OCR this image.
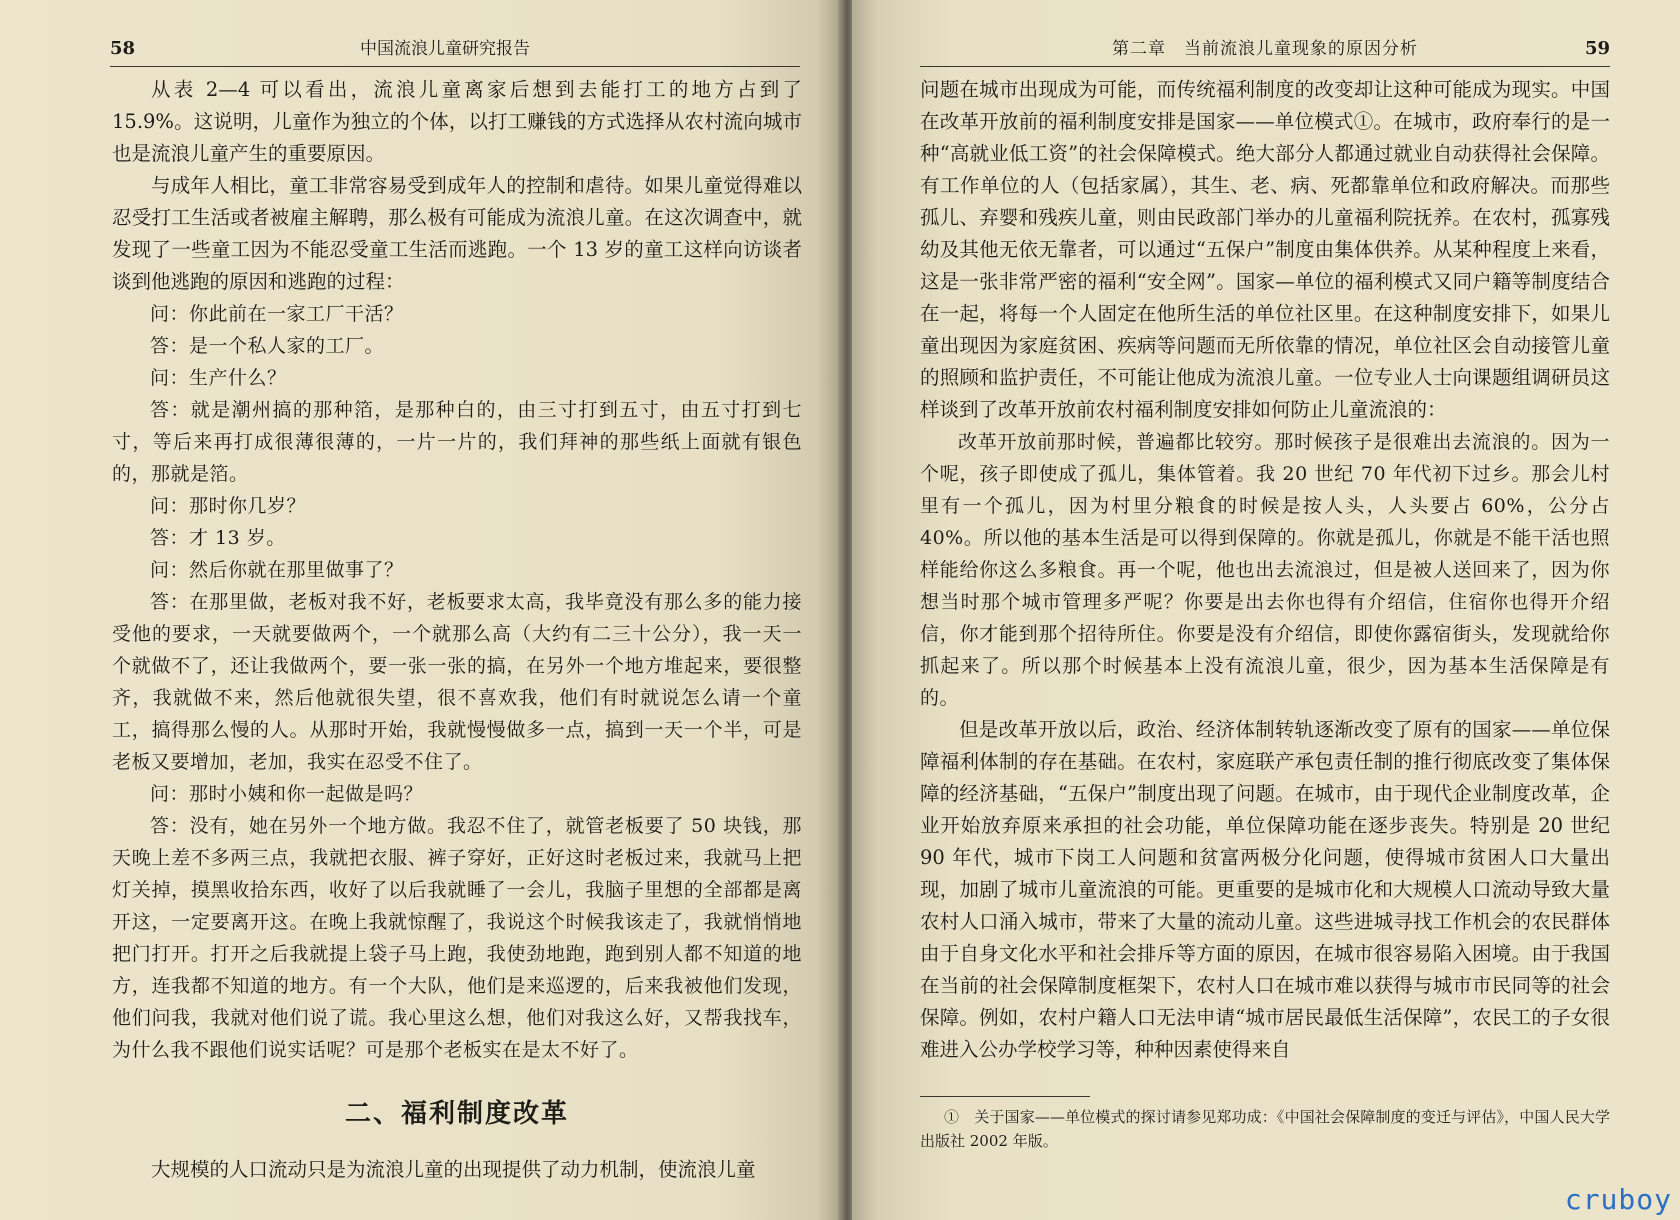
58	中国流浪儿童研究报告

从表 2—4 可以看出，流浪儿童离家后想到去能打工的地方占到了 15.9%。这说明，儿童作为独立的个体，以打工赚钱的方式选择从农村流向城市也是流浪儿童产生的重要原因。

与成年人相比，童工非常容易受到成年人的控制和虐待。如果儿童觉得难以忍受打工生活或者被雇主解聘，那么极有可能成为流浪儿童。在这次调查中，就发现了一些童工因为不能忍受童工生活而逃跑。一个 13 岁的童工这样向访谈者谈到他逃跑的原因和逃跑的过程：

问：你此前在一家工厂干活？

答：是一个私人家的工厂。

问：生产什么？

答：就是潮州搞的那种箔，是那种白的，由三寸打到五寸，由五寸打到七寸，等后来再打成很薄很薄的，一片一片的，我们拜神的那些纸上面就有银色的，那就是箔。

问：那时你几岁？

答：才 13 岁。

问：然后你就在那里做事了？

答：在那里做，老板对我不好，老板要求太高，我毕竟没有那么多的能力接受他的要求，一天就要做两个，一个就那么高（大约有二三十公分），我一天一个就做不了，还让我做两个，要一张一张的搞，在另外一个地方堆起来，要很整齐，我就做不来，然后他就很失望，很不喜欢我，他们有时就说怎么请一个童工，搞得那么慢的人。从那时开始，我就慢慢做多一点，搞到一天一个半，可是老板又要增加，老加，我实在忍受不住了。

问：那时小姨和你一起做是吗？

答：没有，她在另外一个地方做。我忍不住了，就管老板要了 50 块钱，那天晚上差不多两三点，我就把衣服、裤子穿好，正好这时老板过来，我就马上把灯关掉，摸黑收拾东西，收好了以后我就睡了一会儿，我脑子里想的全部都是离开这，一定要离开这。在晚上我就惊醒了，我说这个时候我该走了，我就悄悄地把门打开。打开之后我就提上袋子马上跑，我使劲地跑，跑到别人都不知道的地方，连我都不知道的地方。有一个大队，他们是来巡逻的，后来我被他们发现，他们问我，我就对他们说了谎。我心里这么想，他们对我这么好，又帮我找车，为什么我不跟他们说实话呢？可是那个老板实在是太不好了。

二、福利制度改革

大规模的人口流动只是为流浪儿童的出现提供了动力机制，使流浪儿童

第二章　当前流浪儿童现象的原因分析	59

问题在城市出现成为可能，而传统福利制度的改变却让这种可能成为现实。中国在改革开放前的福利制度安排是国家——单位模式①。在城市，政府奉行的是一种“高就业低工资”的社会保障模式。绝大部分人都通过就业自动获得社会保障。有工作单位的人（包括家属），其生、老、病、死都靠单位和政府解决。而那些孤儿、弃婴和残疾儿童，则由民政部门举办的儿童福利院抚养。在农村，孤寡残幼及其他无依无靠者，可以通过“五保户”制度由集体供养。从某种程度上来看，这是一张非常严密的福利“安全网”。国家—单位的福利模式又同户籍等制度结合在一起，将每一个人固定在他所生活的单位社区里。在这种制度安排下，如果儿童出现因为家庭贫困、疾病等问题而无所依靠的情况，单位社区会自动接管儿童的照顾和监护责任，不可能让他成为流浪儿童。一位专业人士向课题组调研员这样谈到了改革开放前农村福利制度安排如何防止儿童流浪的：

改革开放前那时候，普遍都比较穷。那时候孩子是很难出去流浪的。因为一个呢，孩子即使成了孤儿，集体管着。我 20 世纪 70 年代初下过乡。那会儿村里有一个孤儿，因为村里分粮食的时候是按人头，人头要占 60%，公分占 40%。所以他的基本生活是可以得到保障的。你就是孤儿，你就是不能干活也照样能给你这么多粮食。再一个呢，他也出去流浪过，但是被人送回来了，因为你想当时那个城市管理多严呢？你要是出去你也得有介绍信，住宿你也得开介绍信，你才能到那个招待所住。你要是没有介绍信，即使你露宿街头，发现就给你抓起来了。所以那个时候基本上没有流浪儿童，很少，因为基本生活保障是有的。

但是改革开放以后，政治、经济体制转轨逐渐改变了原有的国家——单位保障福利体制的存在基础。在农村，家庭联产承包责任制的推行彻底改变了集体保障的经济基础，“五保户”制度出现了问题。在城市，由于现代企业制度改革，企业开始放弃原来承担的社会功能，单位保障功能在逐步丧失。特别是 20 世纪 90 年代，城市下岗工人问题和贫富两极分化问题，使得城市贫困人口大量出现，加剧了城市儿童流浪的可能。更重要的是城市化和大规模人口流动导致大量农村人口涌入城市，带来了大量的流动儿童。这些进城寻找工作机会的农民群体由于自身文化水平和社会排斥等方面的原因，在城市很容易陷入困境。由于我国在当前的社会保障制度框架下，农村人口在城市难以获得与城市市民同等的社会保障。例如，农村户籍人口无法申请“城市居民最低生活保障”，农民工的子女很难进入公办学校学习等，种种因素使得来自

①　关于国家——单位模式的探讨请参见郑功成：《中国社会保障制度的变迁与评估》，中国人民大学出版社 2002 年版。

cruboy
